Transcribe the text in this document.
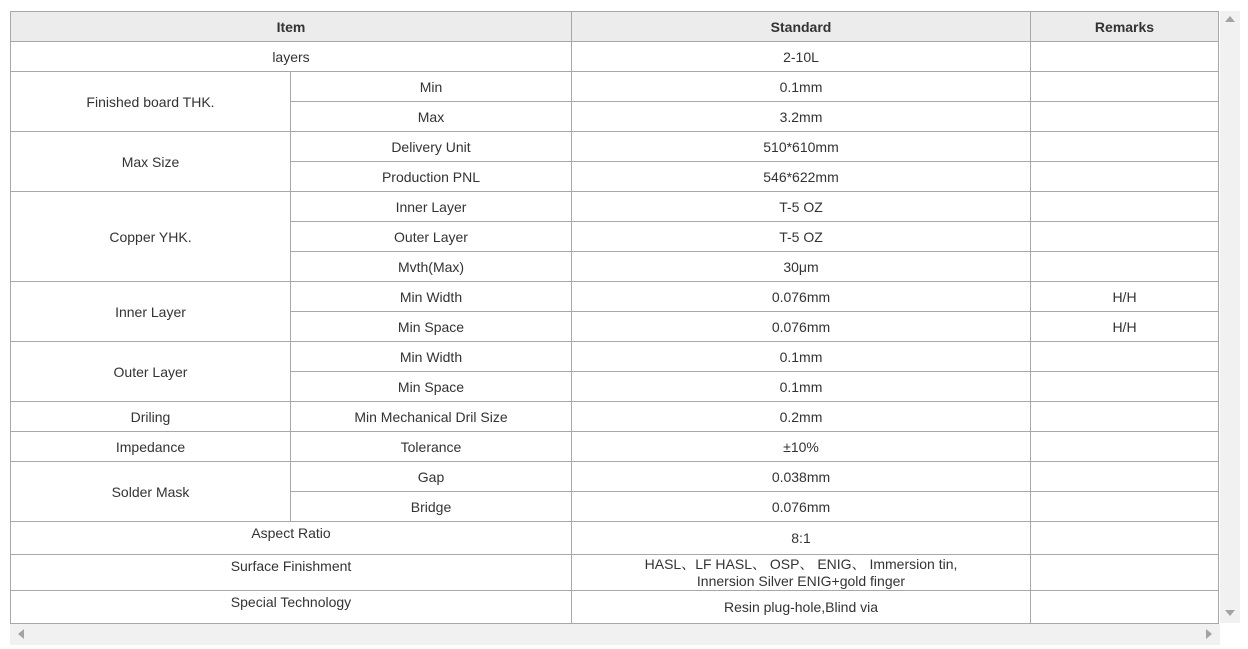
Item		Standard	Remarks
layers		2-10L	
Finished board THK.	Min	0.1mm	
	Max	3.2mm	
Max Size	Delivery Unit	510*610mm	
	Production PNL	546*622mm	
Copper YHK.	Inner Layer	T-5 OZ	
	Outer Layer	T-5 OZ	
	Mvth(Max)	30μm	
Inner Layer	Min Width	0.076mm	H/H
	Min Space	0.076mm	H/H
Outer Layer	Min Width	0.1mm	
	Min Space	0.1mm	
Driling	Min Mechanical Dril Size	0.2mm	
Impedance	Tolerance	±10%	
Solder Mask	Gap	0.038mm	
	Bridge	0.076mm	
Aspect Ratio		8:1	
Surface Finishment		HASL、LF HASL、 OSP、 ENIG、 Immersion tin,
Innersion Silver ENIG+gold finger	

Special Technology		Resin plug-hole,Blind via	
